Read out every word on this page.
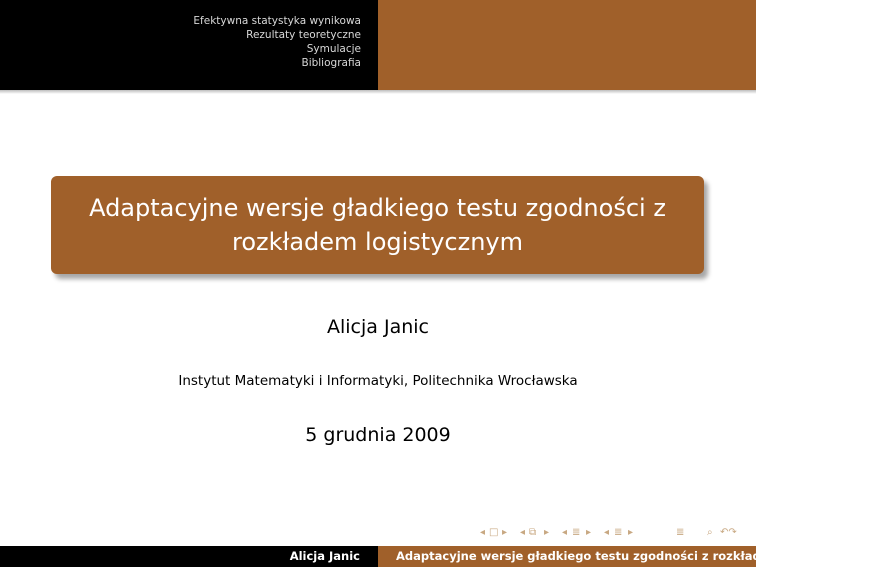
Efektywna statystyka wynikowa
Rezultaty teoretyczne
Symulacje
Bibliografia
Adaptacyjne wersje gładkiego testu zgodności z rozkładem logistycznym
Alicja Janic
Instytut Matematyki i Informatyki, Politechnika Wrocławska
5 grudnia 2009
◂ □ ▸ ◂ ⧉ ▸ ◂ ≣ ▸ ◂ ≣ ▸	≣ ⌕ ↶↷
Alicja Janic	Adaptacyjne wersje gładkiego testu zgodności z rozkładem logistycznym
